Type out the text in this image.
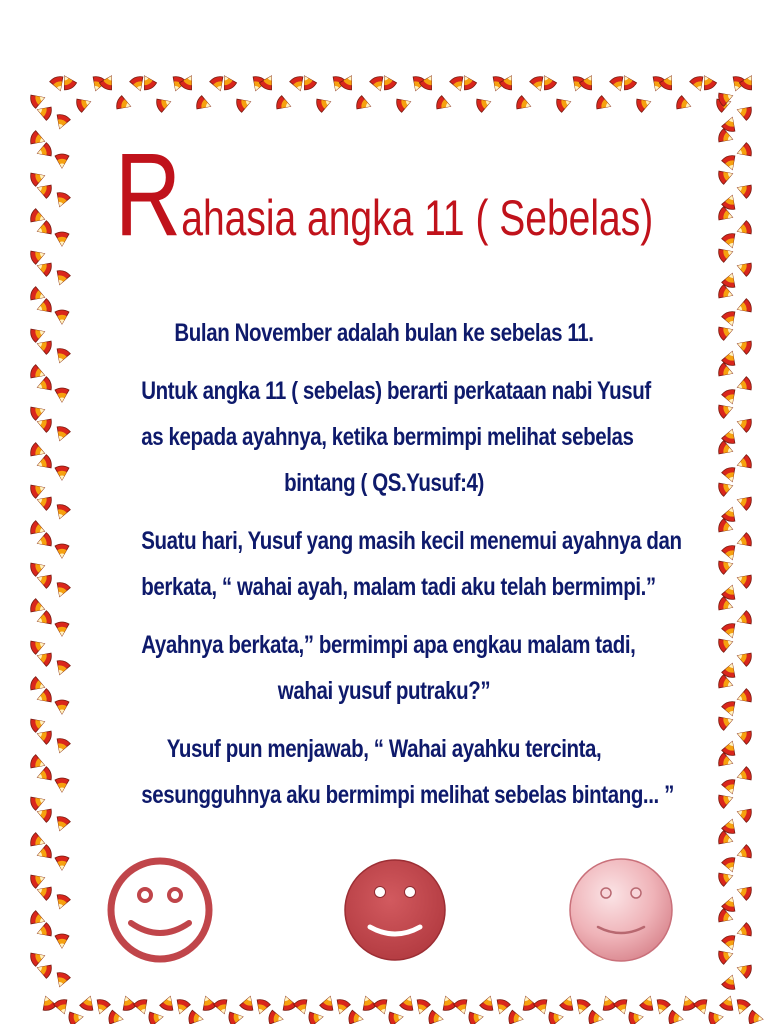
Rahasia angka 11 ( Sebelas)
Bulan November adalah bulan ke sebelas 11.
Untuk angka 11 ( sebelas) berarti perkataan nabi Yusuf
as kepada ayahnya, ketika bermimpi melihat sebelas
bintang ( QS.Yusuf:4)
Suatu hari, Yusuf yang masih kecil menemui ayahnya dan
berkata, “ wahai ayah, malam tadi aku telah bermimpi.”
Ayahnya berkata,” bermimpi apa engkau malam tadi,
wahai yusuf putraku?”
Yusuf pun menjawab, “ Wahai ayahku tercinta,
sesungguhnya aku bermimpi melihat sebelas bintang... ”
